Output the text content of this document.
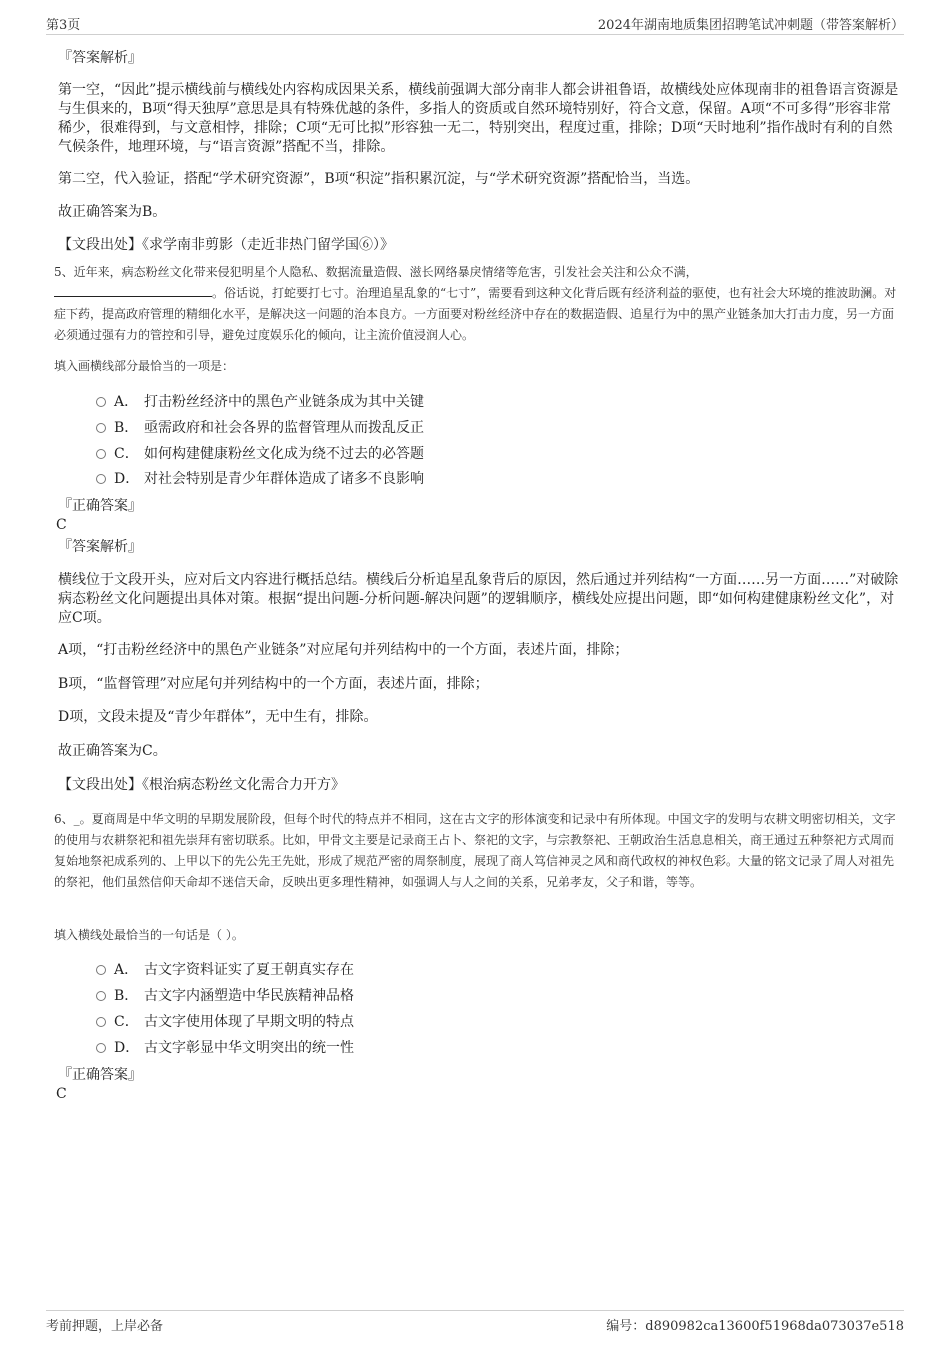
第3页	2024年湖南地质集团招聘笔试冲刺题（带答案解析）
『答案解析』
第一空，“因此”提示横线前与横线处内容构成因果关系，横线前强调大部分南非人都会讲祖鲁语，故横线处应体现南非的祖鲁语言资源是与生俱来的，B项“得天独厚”意思是具有特殊优越的条件，多指人的资质或自然环境特别好，符合文意，保留。A项“不可多得”形容非常稀少，很难得到，与文意相悖，排除；C项“无可比拟”形容独一无二，特别突出，程度过重，排除；D项“天时地利”指作战时有利的自然气候条件，地理环境，与“语言资源”搭配不当，排除。
第二空，代入验证，搭配“学术研究资源”，B项“积淀”指积累沉淀，与“学术研究资源”搭配恰当，当选。
故正确答案为B。
【文段出处】《求学南非剪影（走近非热门留学国⑥）》
5、近年来，病态粉丝文化带来侵犯明星个人隐私、数据流量造假、滋长网络暴戾情绪等危害，引发社会关注和公众不满，
。俗话说，打蛇要打七寸。治理追星乱象的“七寸”，需要看到这种文化背后既有经济利益的驱使，也有社会大环境的推波助澜。对症下药，提高政府管理的精细化水平，是解决这一问题的治本良方。一方面要对粉丝经济中存在的数据造假、追星行为中的黑产业链条加大打击力度，另一方面必须通过强有力的管控和引导，避免过度娱乐化的倾向，让主流价值浸润人心。
填入画横线部分最恰当的一项是：
A． 打击粉丝经济中的黑色产业链条成为其中关键
B． 亟需政府和社会各界的监督管理从而拨乱反正
C． 如何构建健康粉丝文化成为绕不过去的必答题
D． 对社会特别是青少年群体造成了诸多不良影响
『正确答案』
C
『答案解析』
横线位于文段开头，应对后文内容进行概括总结。横线后分析追星乱象背后的原因，然后通过并列结构“一方面……另一方面……”对破除病态粉丝文化问题提出具体对策。根据“提出问题-分析问题-解决问题”的逻辑顺序，横线处应提出问题，即“如何构建健康粉丝文化”，对应C项。
A项，“打击粉丝经济中的黑色产业链条”对应尾句并列结构中的一个方面，表述片面，排除；
B项，“监督管理”对应尾句并列结构中的一个方面，表述片面，排除；
D项，文段未提及“青少年群体”，无中生有，排除。
故正确答案为C。
【文段出处】《根治病态粉丝文化需合力开方》
6、_。夏商周是中华文明的早期发展阶段，但每个时代的特点并不相同，这在古文字的形体演变和记录中有所体现。中国文字的发明与农耕文明密切相关，文字的使用与农耕祭祀和祖先崇拜有密切联系。比如，甲骨文主要是记录商王占卜、祭祀的文字，与宗教祭祀、王朝政治生活息息相关，商王通过五种祭祀方式周而复始地祭祀成系列的、上甲以下的先公先王先妣，形成了规范严密的周祭制度，展现了商人笃信神灵之风和商代政权的神权色彩。大量的铭文记录了周人对祖先的祭祀，他们虽然信仰天命却不迷信天命，反映出更多理性精神，如强调人与人之间的关系，兄弟孝友，父子和谐，等等。
填入横线处最恰当的一句话是（ ）。
A． 古文字资料证实了夏王朝真实存在
B． 古文字内涵塑造中华民族精神品格
C． 古文字使用体现了早期文明的特点
D． 古文字彰显中华文明突出的统一性
『正确答案』
C
考前押题，上岸必备	编号：d890982ca13600f51968da073037e518
